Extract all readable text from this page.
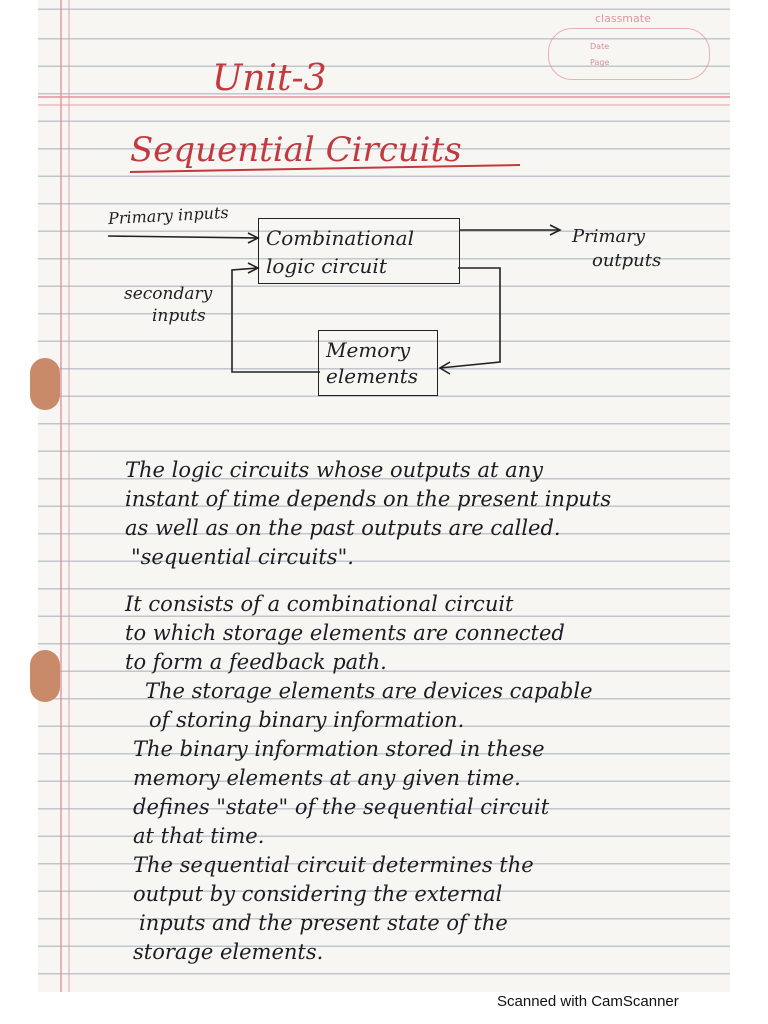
classmate
Date
Page
Unit-3
Sequential Circuits
Combinational
logic circuit
Memory
elements
Primary inputs
Primary
outputs
secondary
inputs
The logic circuits whose outputs at any
instant of time depends on the present inputs
as well as on the past outputs are called.
"sequential circuits".
It consists of a combinational circuit
to which storage elements are connected
to form a feedback path.
The storage elements are devices capable
of storing binary information.
The binary information stored in these
memory elements at any given time.
defines "state" of the sequential circuit
at that time.
The sequential circuit determines the
output by considering the external
inputs and the present state of the
storage elements.
Scanned with CamScanner
